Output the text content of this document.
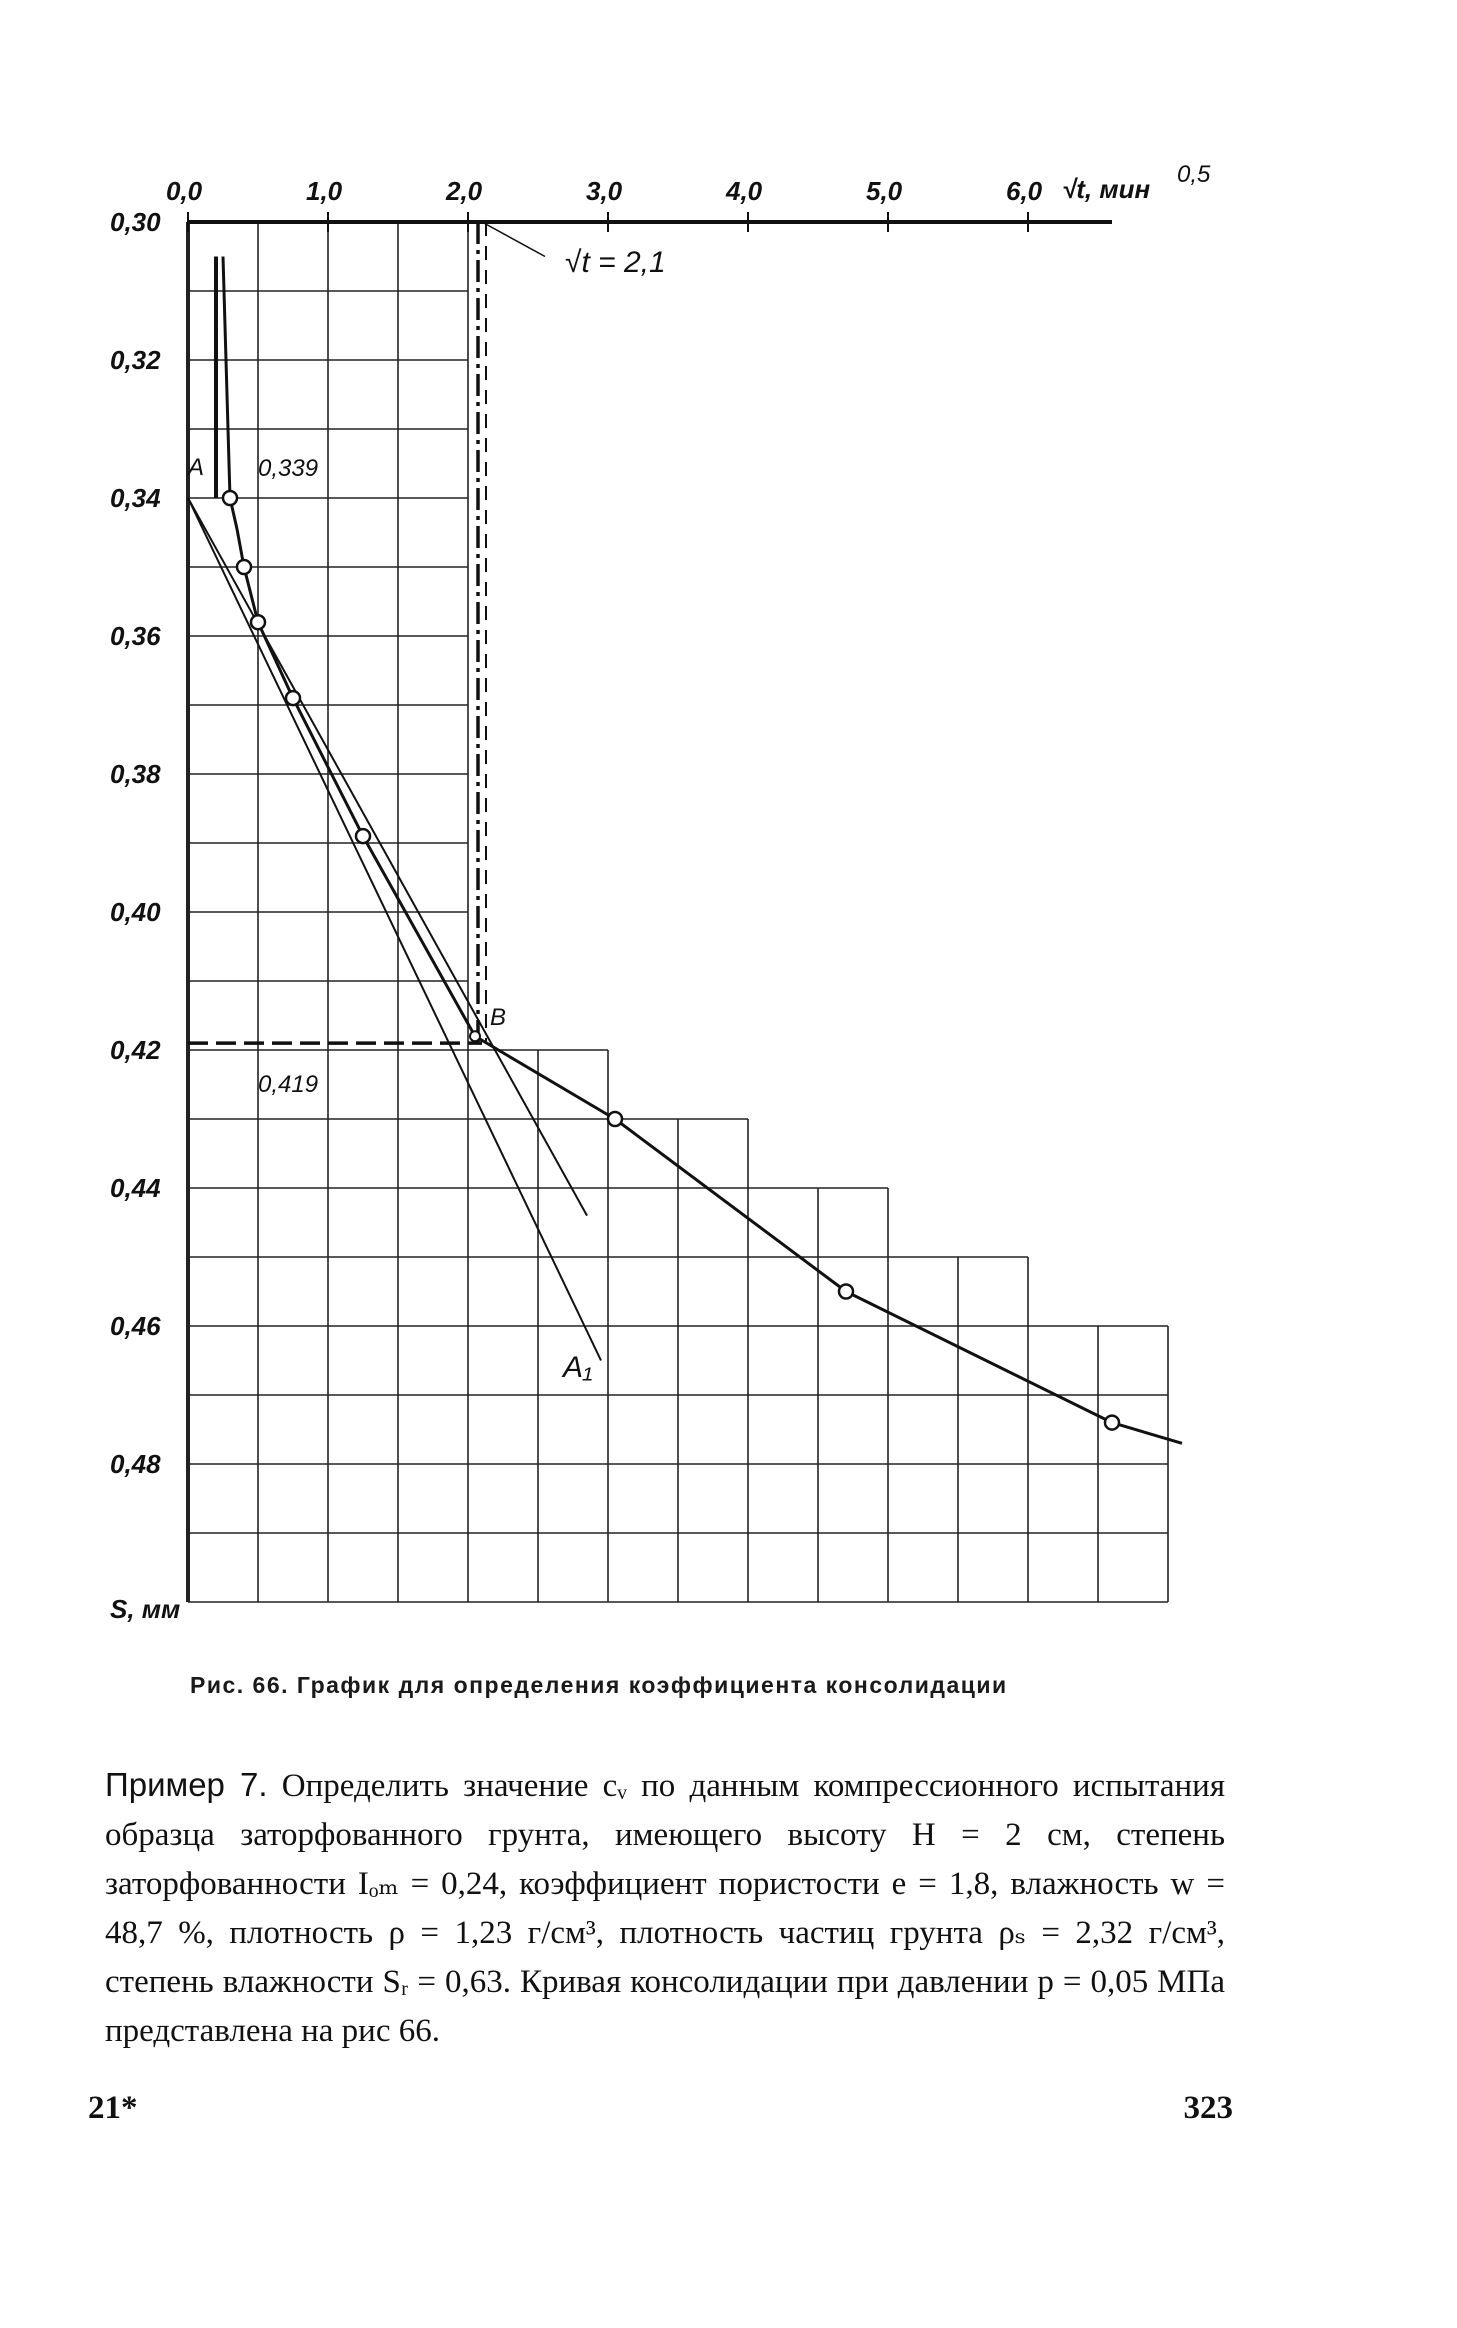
0,0	1,0	2,0	3,0	4,0	5,0	6,0
0,30
0,32
0,34
0,36
0,38
0,40
0,42
0,44
0,46
0,48
√t, мин 0,5
S, мм
√t = 2,1
A
B
A₁
0,339
0,419
Рис. 66. График для определения коэффициента консолидации
Пример 7. Определить значение cᵥ по данным компрессионного испытания образца заторфованного грунта, имеющего высоту H = 2 см, степень заторфованности Iₒₘ = 0,24, коэффициент пористости e = 1,8, влажность w = 48,7 %, плотность ρ = 1,23 г/см³, плотность частиц грунта ρₛ = 2,32 г/см³, степень влажности Sᵣ = 0,63. Кривая консолидации при давлении p = 0,05 МПа представлена на рис 66.
21*	323
